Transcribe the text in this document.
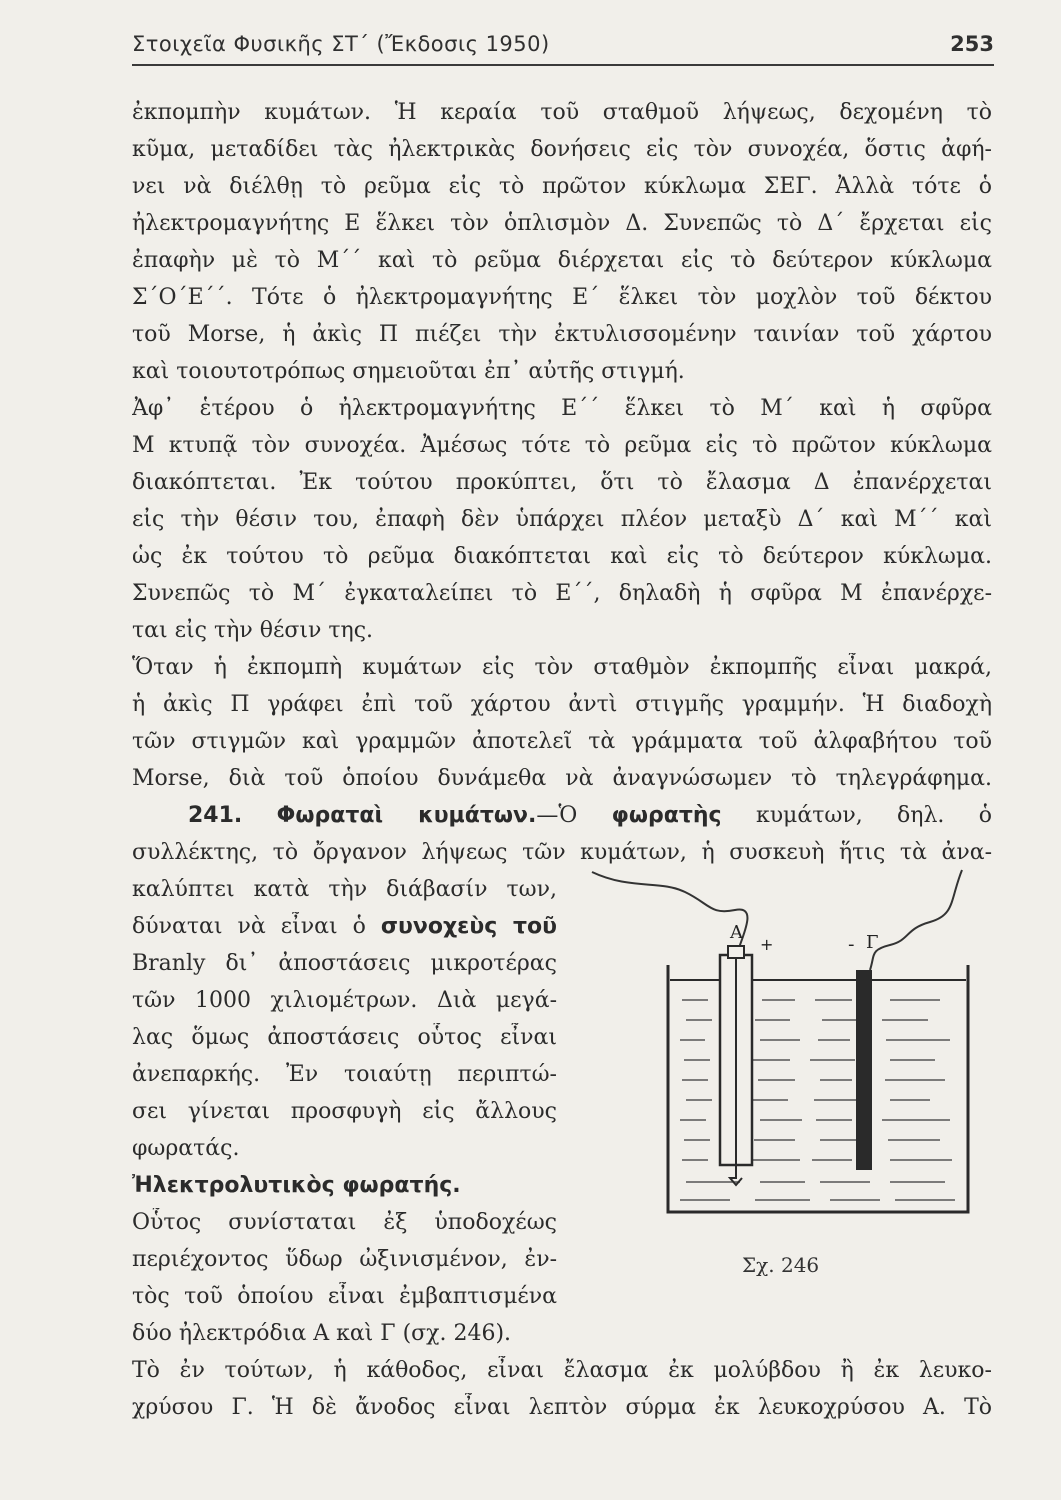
Στοιχεῖα Φυσικῆς ΣΤ΄ (Ἔκδοσις 1950)	253
ἐκπομπὴν κυμάτων. Ἡ κεραία τοῦ σταθμοῦ λήψεως, δεχομένη τὸ
κῦμα, μεταδίδει τὰς ἠλεκτρικὰς δονήσεις εἰς τὸν συνοχέα, ὅστις ἀφή-
νει νὰ διέλθῃ τὸ ρεῦμα εἰς τὸ πρῶτον κύκλωμα ΣΕΓ. Ἀλλὰ τότε ὁ
ἠλεκτρομαγνήτης Ε ἕλκει τὸν ὁπλισμὸν Δ. Συνεπῶς τὸ Δ΄ ἔρχεται εἰς
ἐπαφὴν μὲ τὸ Μ΄΄ καὶ τὸ ρεῦμα διέρχεται εἰς τὸ δεύτερον κύκλωμα
Σ΄Ο΄Ε΄΄. Τότε ὁ ἠλεκτρομαγνήτης Ε΄ ἕλκει τὸν μοχλὸν τοῦ δέκτου
τοῦ Morse, ἡ ἀκὶς Π πιέζει τὴν ἐκτυλισσομένην ταινίαν τοῦ χάρτου
καὶ τοιουτοτρόπως σημειοῦται ἐπ᾽ αὐτῆς στιγμή.
Ἀφ᾽ ἑτέρου ὁ ἠλεκτρομαγνήτης Ε΄΄ ἕλκει τὸ Μ΄ καὶ ἡ σφῦρα
Μ κτυπᾷ τὸν συνοχέα. Ἀμέσως τότε τὸ ρεῦμα εἰς τὸ πρῶτον κύκλωμα
διακόπτεται. Ἐκ τούτου προκύπτει, ὅτι τὸ ἔλασμα Δ ἐπανέρχεται
εἰς τὴν θέσιν του, ἐπαφὴ δὲν ὑπάρχει πλέον μεταξὺ Δ΄ καὶ Μ΄΄ καὶ
ὡς ἐκ τούτου τὸ ρεῦμα διακόπτεται καὶ εἰς τὸ δεύτερον κύκλωμα.
Συνεπῶς τὸ Μ΄ ἐγκαταλείπει τὸ Ε΄΄, δηλαδὴ ἡ σφῦρα Μ ἐπανέρχε-
ται εἰς τὴν θέσιν της.
Ὅταν ἡ ἐκπομπὴ κυμάτων εἰς τὸν σταθμὸν ἐκπομπῆς εἶναι μακρά,
ἡ ἀκὶς Π γράφει ἐπὶ τοῦ χάρτου ἀντὶ στιγμῆς γραμμήν. Ἡ διαδοχὴ
τῶν στιγμῶν καὶ γραμμῶν ἀποτελεῖ τὰ γράμματα τοῦ ἀλφαβήτου τοῦ
Morse, διὰ τοῦ ὁποίου δυνάμεθα νὰ ἀναγνώσωμεν τὸ τηλεγράφημα.
241. Φωραταὶ κυμάτων.—Ὁ φωρατὴς κυμάτων, δηλ. ὁ
συλλέκτης, τὸ ὄργανον λήψεως τῶν κυμάτων, ἡ συσκευὴ ἥτις τὰ ἀνα-
καλύπτει κατὰ τὴν διάβασίν των,
δύναται νὰ εἶναι ὁ συνοχεὺς τοῦ
Branly δι᾽ ἀποστάσεις μικροτέρας
τῶν 1000 χιλιομέτρων. Διὰ μεγά-
λας ὅμως ἀποστάσεις οὗτος εἶναι
ἀνεπαρκής. Ἐν τοιαύτῃ περιπτώ-
σει γίνεται προσφυγὴ εἰς ἄλλους
φωρατάς.
Ἠλεκτρολυτικὸς φωρατής.
Οὗτος συνίσταται ἐξ ὑποδοχέως
περιέχοντος ὕδωρ ὠξινισμένον, ἐν-
τὸς τοῦ ὁποίου εἶναι ἐμβαπτισμένα
δύο ἠλεκτρόδια Α καὶ Γ (σχ. 246).
Τὸ ἐν τούτων, ἡ κάθοδος, εἶναι ἔλασμα ἐκ μολύβδου ἢ ἐκ λευκο-
χρύσου Γ. Ἡ δὲ ἄνοδος εἶναι λεπτὸν σύρμα ἐκ λευκοχρύσου Α. Τὸ
Α
+	- Γ
Σχ. 246
